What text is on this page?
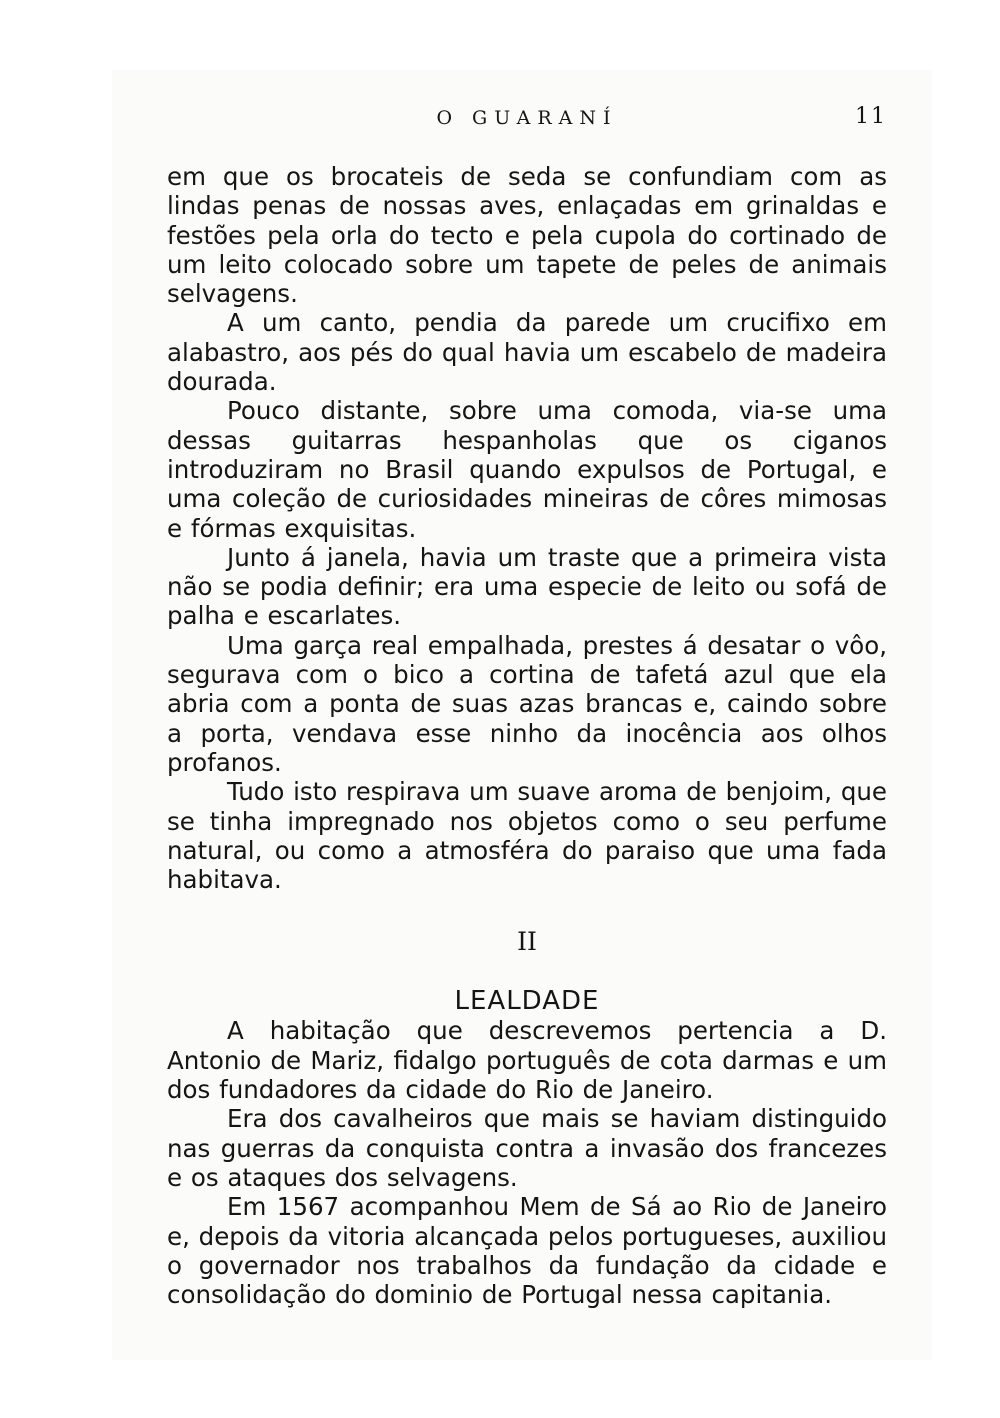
O GUARANÍ	11

em que os brocateis de seda se confundiam com as lindas penas de nossas aves, enlaçadas em grinaldas e festões pela orla do tecto e pela cupola do cortinado de um leito colocado sobre um tapete de peles de animais selvagens.

A um canto, pendia da parede um crucifixo em alabastro, aos pés do qual havia um escabelo de madeira dourada.

Pouco distante, sobre uma comoda, via-se uma dessas guitarras hespanholas que os ciganos introduziram no Brasil quando expulsos de Portugal, e uma coleção de curiosidades mineiras de côres mimosas e fórmas exquisitas.

Junto á janela, havia um traste que a primeira vista não se podia definir; era uma especie de leito ou sofá de palha e escarlates.

Uma garça real empalhada, prestes á desatar o vôo, segurava com o bico a cortina de tafetá azul que ela abria com a ponta de suas azas brancas e, caindo sobre a porta, vendava esse ninho da inocência aos olhos profanos.

Tudo isto respirava um suave aroma de benjoim, que se tinha impregnado nos objetos como o seu perfume natural, ou como a atmosféra do paraiso que uma fada habitava.

II
LEALDADE

A habitação que descrevemos pertencia a D. Antonio de Mariz, fidalgo português de cota darmas e um dos fundadores da cidade do Rio de Janeiro.

Era dos cavalheiros que mais se haviam distinguido nas guerras da conquista contra a invasão dos francezes e os ataques dos selvagens.

Em 1567 acompanhou Mem de Sá ao Rio de Janeiro e, depois da vitoria alcançada pelos portugueses, auxiliou o governador nos trabalhos da fundação da cidade e consolidação do dominio de Portugal nessa capitania.
